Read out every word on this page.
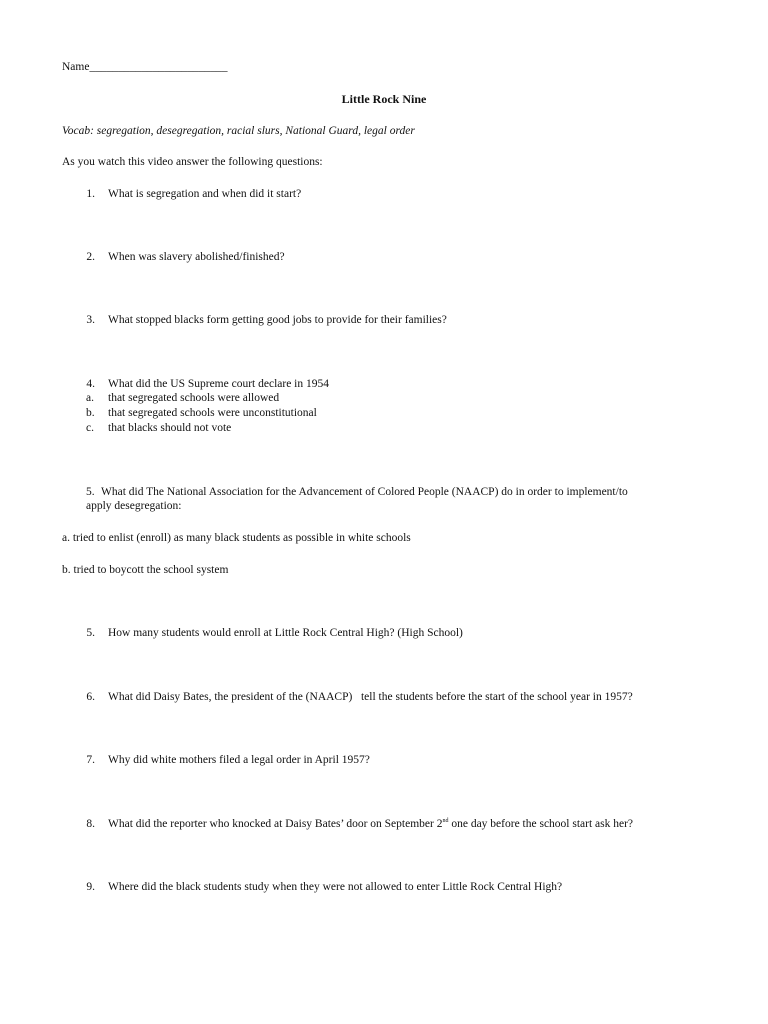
Name________________________
Little Rock Nine
Vocab: segregation, desegregation, racial slurs, National Guard, legal order
As you watch this video answer the following questions:
1. What is segregation and when did it start?
2. When was slavery abolished/finished?
3. What stopped blacks form getting good jobs to provide for their families?
4. What did the US Supreme court declare in 1954
a. that segregated schools were allowed
b. that segregated schools were unconstitutional
c. that blacks should not vote
5. What did The National Association for the Advancement of Colored People (NAACP) do in order to implement/to
apply desegregation:
a. tried to enlist (enroll) as many black students as possible in white schools
b. tried to boycott the school system
5. How many students would enroll at Little Rock Central High? (High School)
6. What did Daisy Bates, the president of the (NAACP)   tell the students before the start of the school year in 1957?
7. Why did white mothers filed a legal order in April 1957?
8. What did the reporter who knocked at Daisy Bates’ door on September 2nd one day before the school start ask her?
9. Where did the black students study when they were not allowed to enter Little Rock Central High?
